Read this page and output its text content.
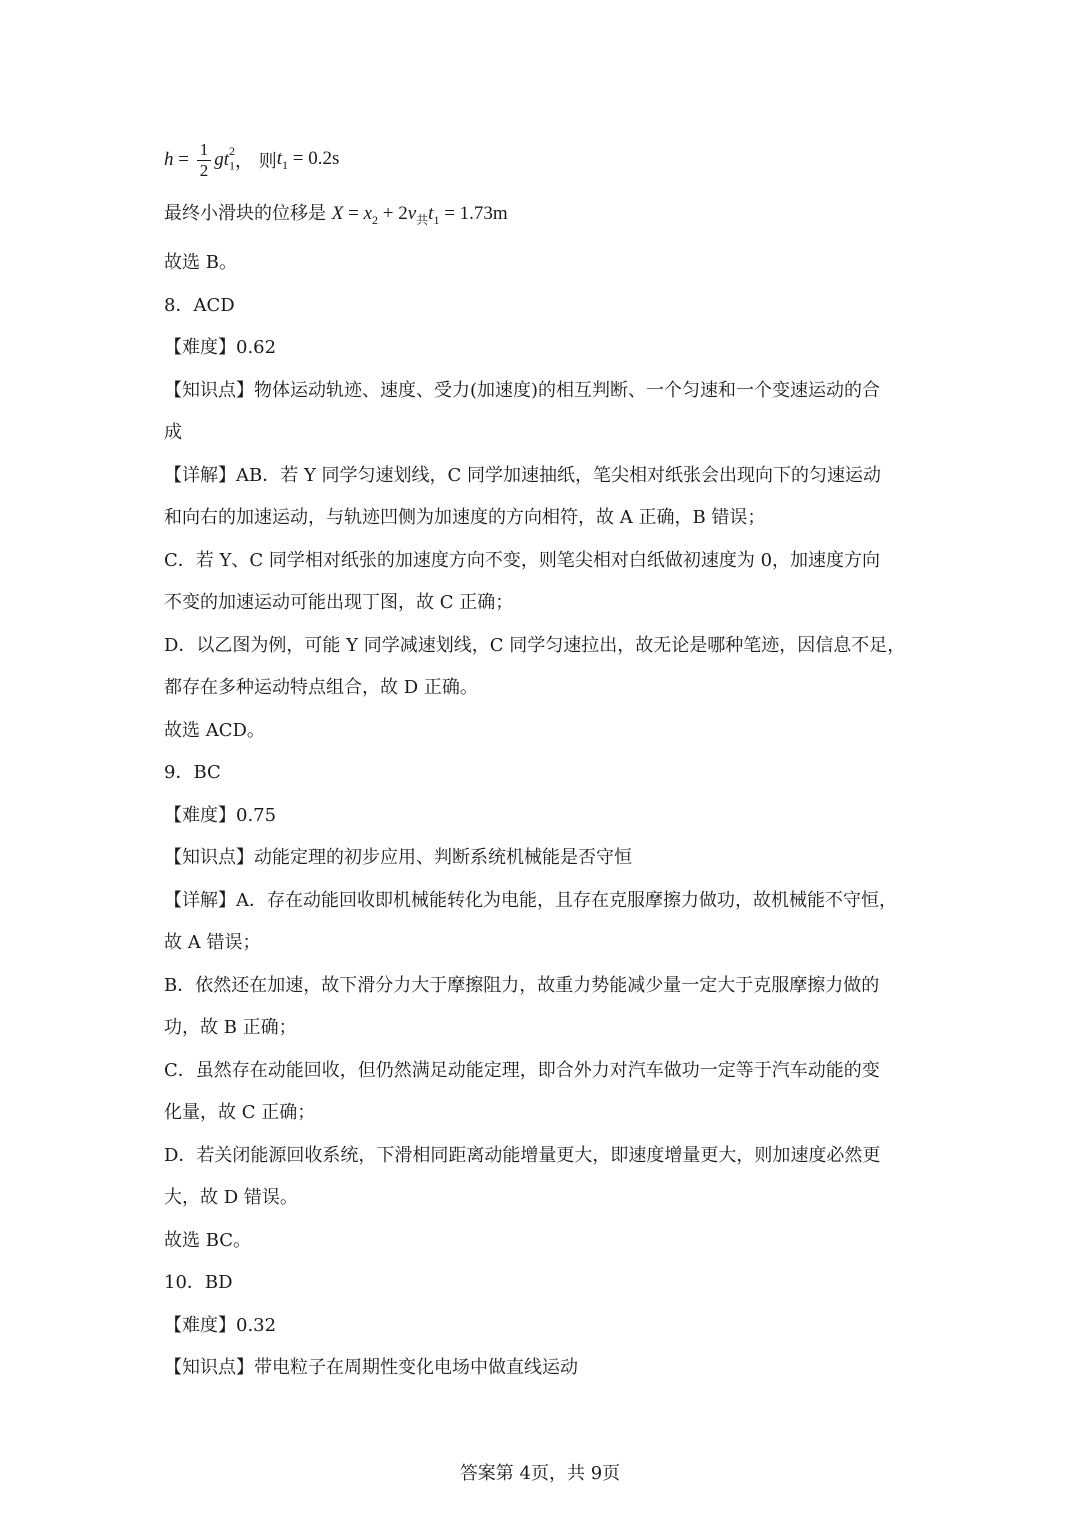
$h = \frac{1}{2} gt_1^2$ ， 则 $t_1 = 0.2s$
最终小滑块的位移是 $X = x_2 + 2v_共t_1 = 1.73m$
故选 B。
8．ACD
【难度】0.62
【知识点】物体运动轨迹、速度、受力(加速度)的相互判断、一个匀速和一个变速运动的合
成
【详解】AB．若 Y 同学匀速划线，C 同学加速抽纸，笔尖相对纸张会出现向下的匀速运动
和向右的加速运动，与轨迹凹侧为加速度的方向相符，故 A 正确，B 错误；
C．若 Y、C 同学相对纸张的加速度方向不变，则笔尖相对白纸做初速度为 0，加速度方向
不变的加速运动可能出现丁图，故 C 正确；
D．以乙图为例，可能 Y 同学减速划线，C 同学匀速拉出，故无论是哪种笔迹，因信息不足，
都存在多种运动特点组合，故 D 正确。
故选 ACD。
9．BC
【难度】0.75
【知识点】动能定理的初步应用、判断系统机械能是否守恒
【详解】A．存在动能回收即机械能转化为电能，且存在克服摩擦力做功，故机械能不守恒，
故 A 错误；
B．依然还在加速，故下滑分力大于摩擦阻力，故重力势能减少量一定大于克服摩擦力做的
功，故 B 正确；
C．虽然存在动能回收，但仍然满足动能定理，即合外力对汽车做功一定等于汽车动能的变
化量，故 C 正确；
D．若关闭能源回收系统，下滑相同距离动能增量更大，即速度增量更大，则加速度必然更
大，故 D 错误。
故选 BC。
10．BD
【难度】0.32
【知识点】带电粒子在周期性变化电场中做直线运动
答案第 4页，共 9页
